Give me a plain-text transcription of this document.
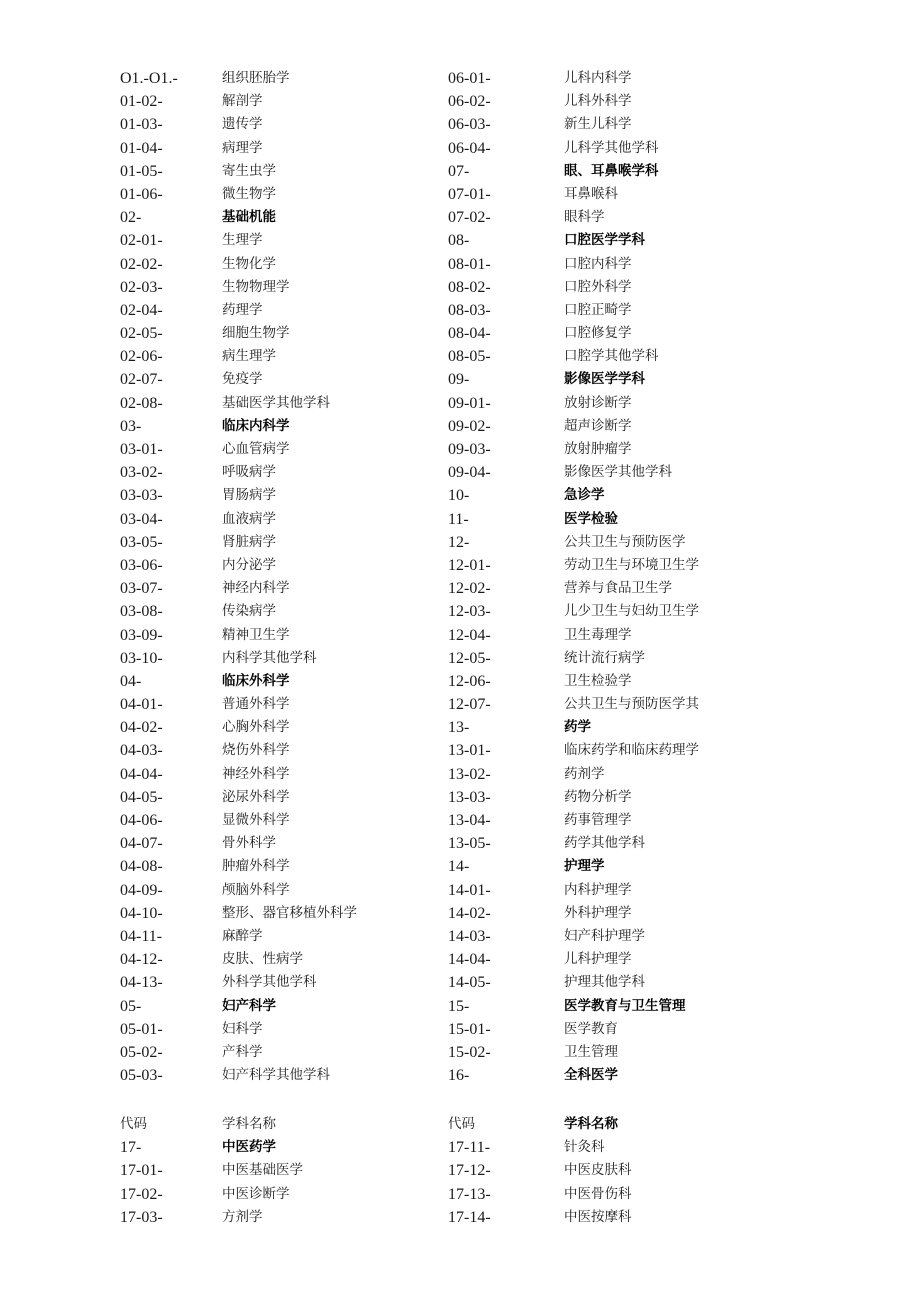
O1.-O1.-	组织胚胎学
01-02-	解剖学
01-03-	遗传学
01-04-	病理学
01-05-	寄生虫学
01-06-	微生物学
02-	基础机能
02-01-	生理学
02-02-	生物化学
02-03-	生物物理学
02-04-	药理学
02-05-	细胞生物学
02-06-	病生理学
02-07-	免疫学
02-08-	基础医学其他学科
03-	临床内科学
03-01-	心血管病学
03-02-	呼吸病学
03-03-	胃肠病学
03-04-	血液病学
03-05-	肾脏病学
03-06-	内分泌学
03-07-	神经内科学
03-08-	传染病学
03-09-	精神卫生学
03-10-	内科学其他学科
04-	临床外科学
04-01-	普通外科学
04-02-	心胸外科学
04-03-	烧伤外科学
04-04-	神经外科学
04-05-	泌尿外科学
04-06-	显微外科学
04-07-	骨外科学
04-08-	肿瘤外科学
04-09-	颅脑外科学
04-10-	整形、器官移植外科学
04-11-	麻醉学
04-12-	皮肤、性病学
04-13-	外科学其他学科
05-	妇产科学
05-01-	妇科学
05-02-	产科学
05-03-	妇产科学其他学科
06-01-	儿科内科学
06-02-	儿科外科学
06-03-	新生儿科学
06-04-	儿科学其他学科
07-	眼、耳鼻喉学科
07-01-	耳鼻喉科
07-02-	眼科学
08-	口腔医学学科
08-01-	口腔内科学
08-02-	口腔外科学
08-03-	口腔正畸学
08-04-	口腔修复学
08-05-	口腔学其他学科
09-	影像医学学科
09-01-	放射诊断学
09-02-	超声诊断学
09-03-	放射肿瘤学
09-04-	影像医学其他学科
10-	急诊学
11-	医学检验
12-	公共卫生与预防医学
12-01-	劳动卫生与环境卫生学
12-02-	营养与食品卫生学
12-03-	儿少卫生与妇幼卫生学
12-04-	卫生毒理学
12-05-	统计流行病学
12-06-	卫生检验学
12-07-	公共卫生与预防医学其
13-	药学
13-01-	临床药学和临床药理学
13-02-	药剂学
13-03-	药物分析学
13-04-	药事管理学
13-05-	药学其他学科
14-	护理学
14-01-	内科护理学
14-02-	外科护理学
14-03-	妇产科护理学
14-04-	儿科护理学
14-05-	护理其他学科
15-	医学教育与卫生管理
15-01-	医学教育
15-02-	卫生管理
16-	全科医学
代码	学科名称
17-	中医药学
17-01-	中医基础医学
17-02-	中医诊断学
17-03-	方剂学
代码	学科名称
17-11-	针灸科
17-12-	中医皮肤科
17-13-	中医骨伤科
17-14-	中医按摩科
